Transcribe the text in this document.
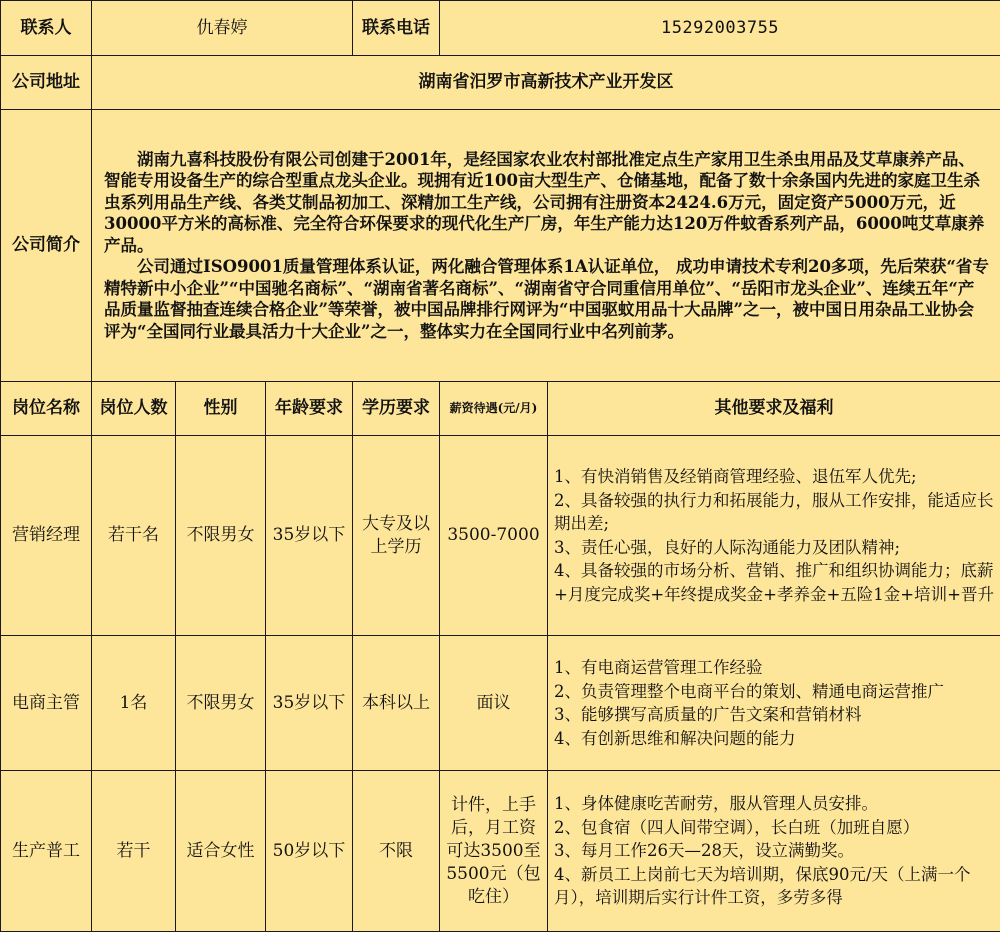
联系人	仇春婷			联系电话	15292003755	
公司地址	湖南省汨罗市高新技术产业开发区					
公司简介	湖南九喜科技股份有限公司创建于2001年，是经国家农业农村部批准定点生产家用卫生杀虫用品及艾草康养产品、智能专用设备生产的综合型重点龙头企业。现拥有近100亩大型生产、仓储基地，配备了数十余条国内先进的家庭卫生杀虫系列用品生产线、各类艾制品初加工、深精加工生产线，公司拥有注册资本2424.6万元，固定资产5000万元，近30000平方米的高标准、完全符合环保要求的现代化生产厂房，年生产能力达120万件蚊香系列产品，6000吨艾草康养产品。

公司通过ISO9001质量管理体系认证，两化融合管理体系1A认证单位， 成功申请技术专利20多项，先后荣获“省专精特新中小企业”“中国驰名商标”、“湖南省著名商标”、“湖南省守合同重信用单位”、“岳阳市龙头企业”、连续五年“产品质量监督抽查连续合格企业”等荣誉，被中国品牌排行网评为“中国驱蚊用品十大品牌”之一，被中国日用杂品工业协会评为“全国同行业最具活力十大企业”之一，整体实力在全国同行业中名列前茅。					

岗位名称	岗位人数	性别	年龄要求	学历要求	薪资待遇(元/月)	其他要求及福利
营销经理	若干名	不限男女	35岁以下	大专及以上学历	3500-7000	1、有快消销售及经销商管理经验、退伍军人优先;
2、具备较强的执行力和拓展能力，服从工作安排，能适应长期出差;
3、责任心强，良好的人际沟通能力及团队精神;
4、具备较强的市场分析、营销、推广和组织协调能力；底薪+月度完成奖+年终提成奖金+孝养金+五险1金+培训+晋升

电商主管	1名	不限男女	35岁以下	本科以上	面议	1、有电商运营管理工作经验
2、负责管理整个电商平台的策划、精通电商运营推广
3、能够撰写高质量的广告文案和营销材料
4、有创新思维和解决问题的能力

生产普工	若干	适合女性	50岁以下	不限	计件，上手后，月工资可达3500至5500元（包吃住）	1、身体健康吃苦耐劳，服从管理人员安排。
2、包食宿（四人间带空调），长白班（加班自愿）
3、每月工作26天—28天，设立满勤奖。
4、新员工上岗前七天为培训期，保底90元/天（上满一个月），培训期后实行计件工资，多劳多得
